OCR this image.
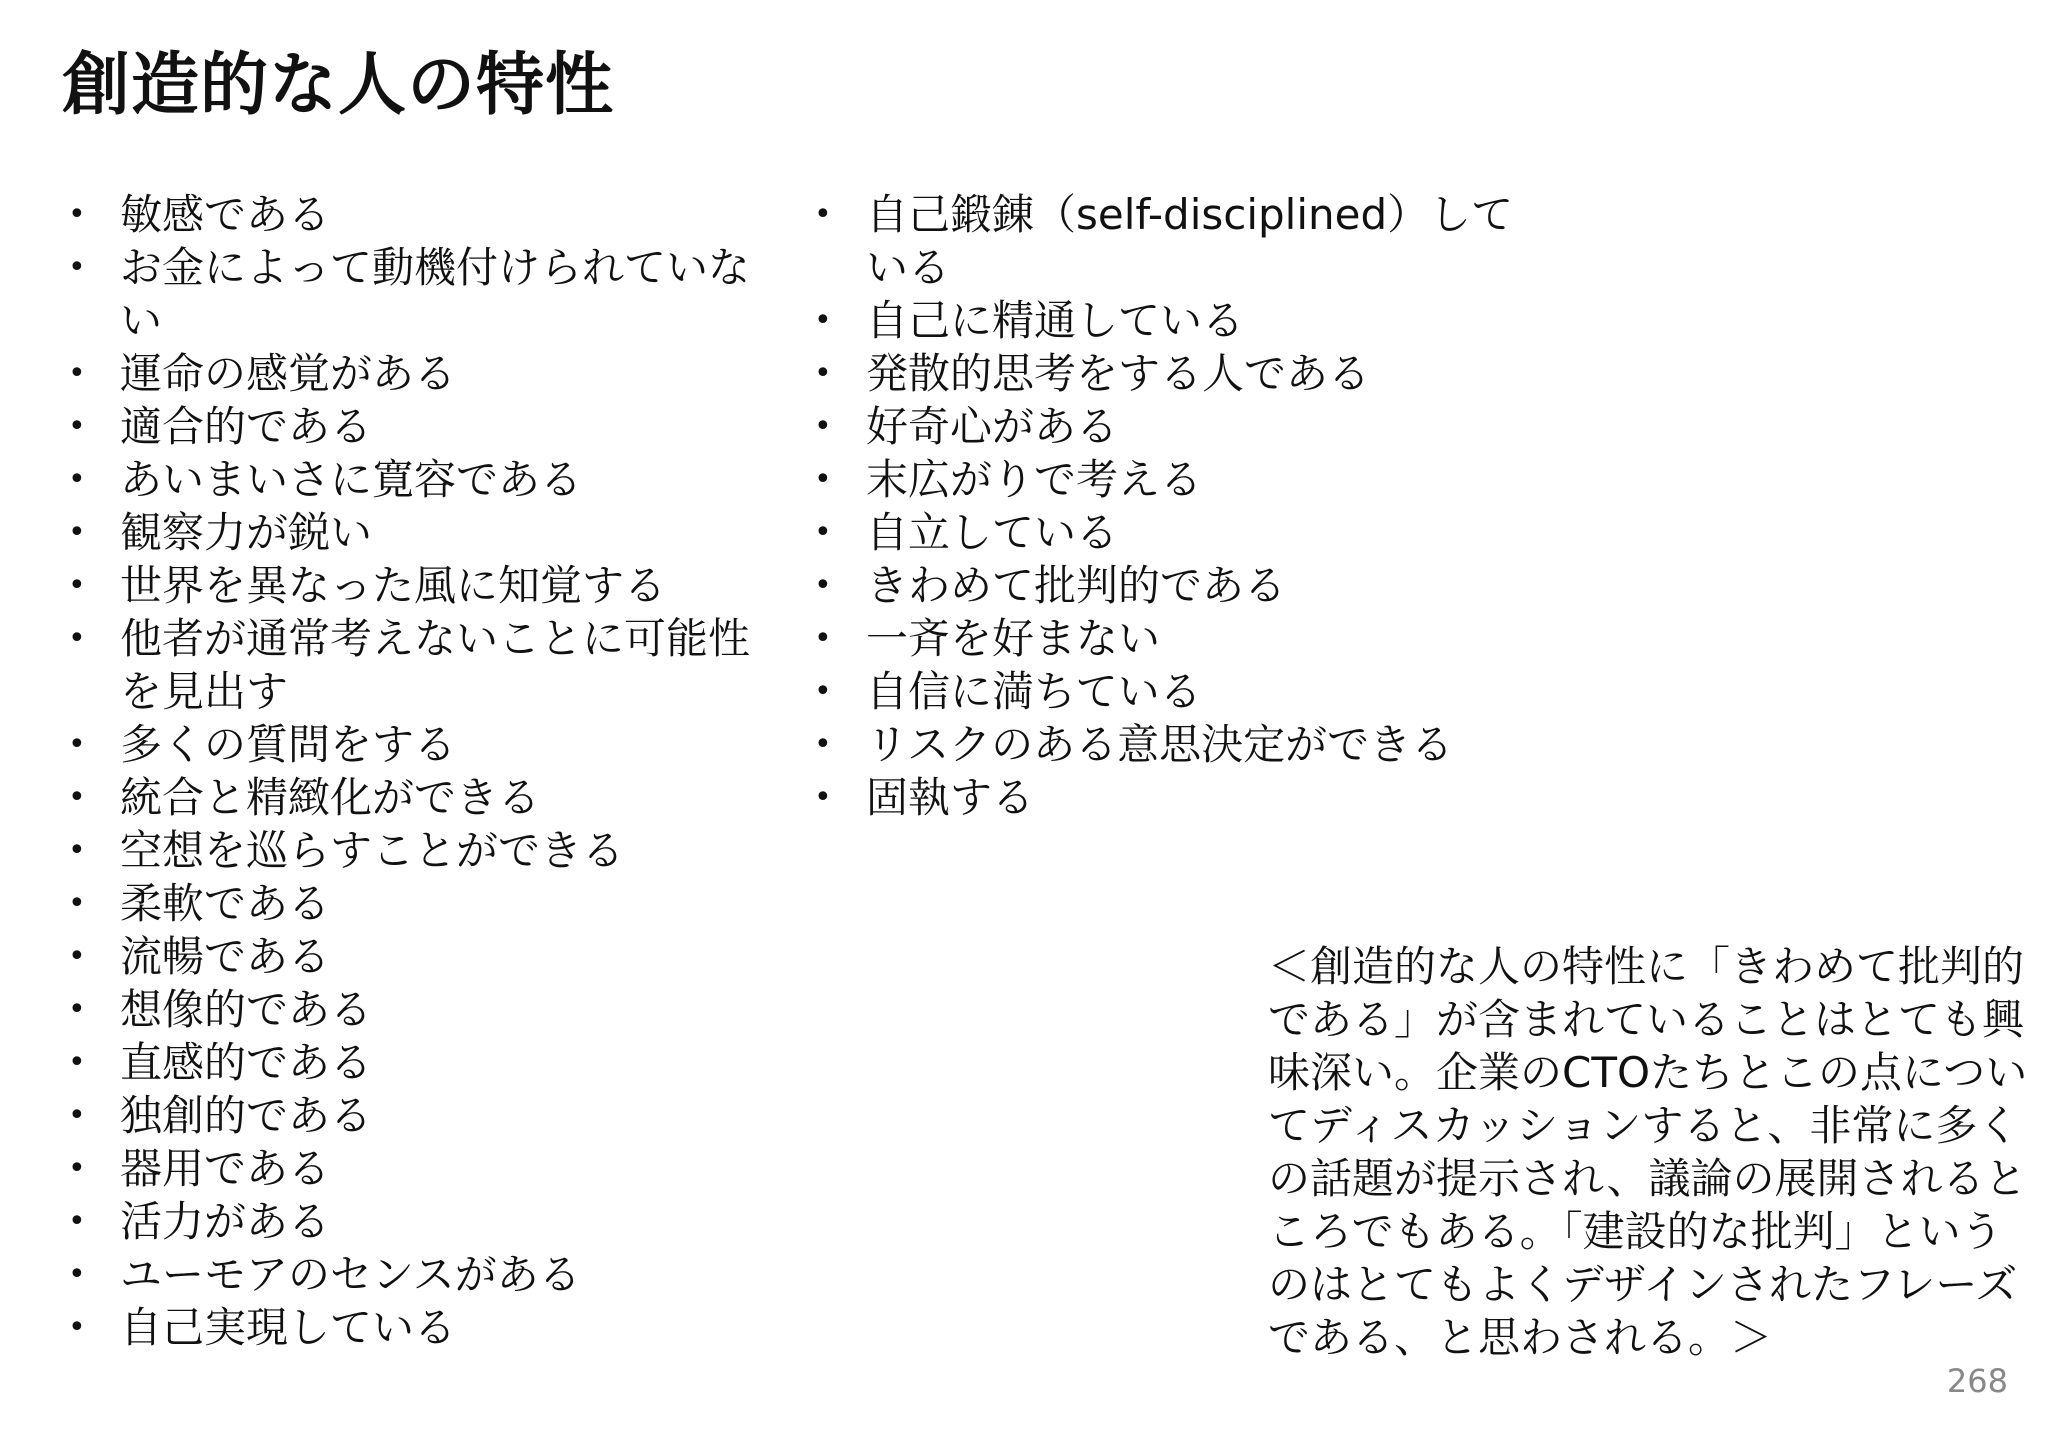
創造的な人の特性
• 敏感である
• お金によって動機付けられていない
• 運命の感覚がある
• 適合的である
• あいまいさに寛容である
• 観察力が鋭い
• 世界を異なった風に知覚する
• 他者が通常考えないことに可能性を見出す
• 多くの質問をする
• 統合と精緻化ができる
• 空想を巡らすことができる
• 柔軟である
• 流暢である
• 想像的である
• 直感的である
• 独創的である
• 器用である
• 活力がある
• ユーモアのセンスがある
• 自己実現している
• 自己鍛錬（self-disciplined）している
• 自己に精通している
• 発散的思考をする人である
• 好奇心がある
• 末広がりで考える
• 自立している
• きわめて批判的である
• 一斉を好まない
• 自信に満ちている
• リスクのある意思決定ができる
• 固執する
＜創造的な人の特性に「きわめて批判的である」が含まれていることはとても興味深い。企業のCTOたちとこの点についてディスカッションすると、非常に多くの話題が提示され、議論の展開されるところでもある。「建設的な批判」というのはとてもよくデザインされたフレーズである、と思わされる。＞
268
